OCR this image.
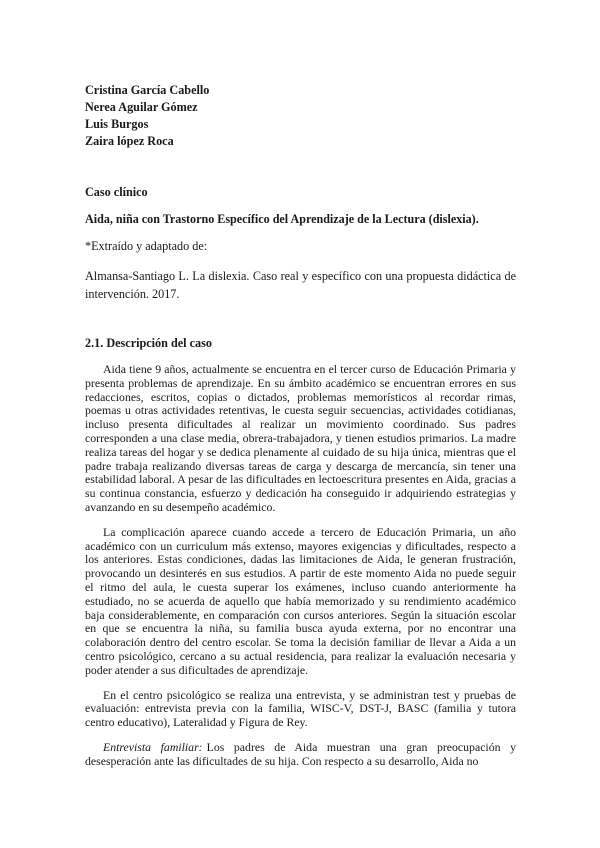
Cristina García Cabello

Nerea Aguilar Gómez

Luis Burgos

Zaira lópez Roca

Caso clínico

Aida, niña con Trastorno Específico del Aprendizaje de la Lectura (dislexia).

*Extraído y adaptado de:

Almansa-Santiago L. La dislexia. Caso real y específico con una propuesta didáctica de intervención. 2017.

2.1. Descripción del caso

Aida tiene 9 años, actualmente se encuentra en el tercer curso de Educación Primaria y presenta problemas de aprendizaje. En su ámbito académico se encuentran errores en sus redacciones, escritos, copias o dictados, problemas memorísticos al recordar rimas, poemas u otras actividades retentivas, le cuesta seguir secuencias, actividades cotidianas, incluso presenta dificultades al realizar un movimiento coordinado. Sus padres corresponden a una clase media, obrera-trabajadora, y tienen estudios primarios. La madre realiza tareas del hogar y se dedica plenamente al cuidado de su hija única, mientras que el padre trabaja realizando diversas tareas de carga y descarga de mercancía, sin tener una estabilidad laboral. A pesar de las dificultades en lectoescritura presentes en Aida, gracias a su continua constancia, esfuerzo y dedicación ha conseguido ir adquiriendo estrategias y avanzando en su desempeño académico.

La complicación aparece cuando accede a tercero de Educación Primaria, un año académico con un curriculum más extenso, mayores exigencias y dificultades, respecto a los anteriores. Estas condiciones, dadas las limitaciones de Aida, le generan frustración, provocando un desinterés en sus estudios. A partir de este momento Aida no puede seguir el ritmo del aula, le cuesta superar los exámenes, incluso cuando anteriormente ha estudiado, no se acuerda de aquello que había memorizado y su rendimiento académico baja considerablemente, en comparación con cursos anteriores. Según la situación escolar en que se encuentra la niña, su familia busca ayuda externa, por no encontrar una colaboración dentro del centro escolar. Se toma la decisión familiar de llevar a Aida a un centro psicológico, cercano a su actual residencia, para realizar la evaluación necesaria y poder atender a sus dificultades de aprendizaje.

En el centro psicológico se realiza una entrevista, y se administran test y pruebas de evaluación: entrevista previa con la familia, WISC-V, DST-J, BASC (familia y tutora centro educativo), Lateralidad y Figura de Rey.

Entrevista familiar: Los padres de Aida muestran una gran preocupación y desesperación ante las dificultades de su hija. Con respecto a su desarrollo, Aida no
